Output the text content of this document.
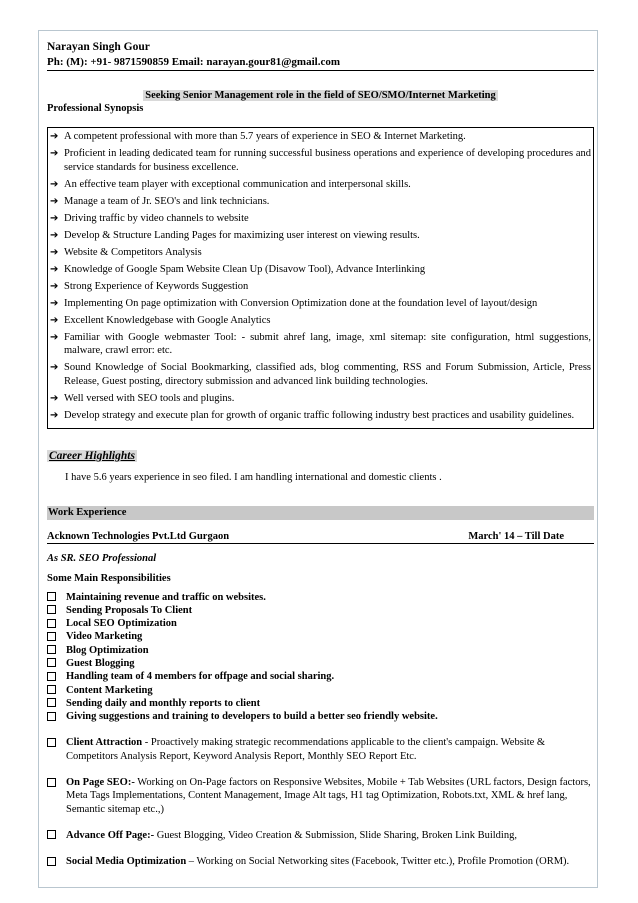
Narayan Singh Gour
Ph: (M): +91- 9871590859 Email: narayan.gour81@gmail.com
Seeking Senior Management role in the field of SEO/SMO/Internet Marketing
Professional Synopsis
➔ A competent professional with more than 5.7 years of experience in SEO & Internet Marketing.
➔ Proficient in leading dedicated team for running successful business operations and experience of developing procedures and service standards for business excellence.
➔ An effective team player with exceptional communication and interpersonal skills.
➔ Manage a team of Jr. SEO's and link technicians.
➔ Driving traffic by video channels to website
➔ Develop & Structure Landing Pages for maximizing user interest on viewing results.
➔ Website & Competitors Analysis
➔ Knowledge of Google Spam Website Clean Up (Disavow Tool), Advance Interlinking
➔ Strong Experience of Keywords Suggestion
➔ Implementing On page optimization with Conversion Optimization done at the foundation level of layout/design
➔ Excellent Knowledgebase with Google Analytics
➔ Familiar with Google webmaster Tool: - submit ahref lang, image, xml sitemap: site configuration, html suggestions, malware, crawl error: etc.
➔ Sound Knowledge of Social Bookmarking, classified ads, blog commenting, RSS and Forum Submission, Article, Press Release, Guest posting, directory submission and advanced link building technologies.
➔ Well versed with SEO tools and plugins.
➔ Develop strategy and execute plan for growth of organic traffic following industry best practices and usability guidelines.
Career Highlights
I have 5.6 years experience in seo filed. I am handling international and domestic clients .
Work Experience
Acknown Technologies Pvt.Ltd Gurgaon	March' 14 – Till Date
As SR. SEO Professional
Some Main Responsibilities
Maintaining revenue and traffic on websites.
Sending Proposals To Client
Local SEO Optimization
Video Marketing
Blog Optimization
Guest Blogging
Handling team of 4 members for offpage and social sharing.
Content Marketing
Sending daily and monthly reports to client
Giving suggestions and training to developers to build a better seo friendly website.
Client Attraction - Proactively making strategic recommendations applicable to the client's campaign. Website & Competitors Analysis Report, Keyword Analysis Report, Monthly SEO Report Etc.
On Page SEO:- Working on On-Page factors on Responsive Websites, Mobile + Tab Websites (URL factors, Design factors, Meta Tags Implementations, Content Management, Image Alt tags, H1 tag Optimization, Robots.txt, XML & href lang, Semantic sitemap etc.,)
Advance Off Page:- Guest Blogging, Video Creation & Submission, Slide Sharing, Broken Link Building,
Social Media Optimization – Working on Social Networking sites (Facebook, Twitter etc.), Profile Promotion (ORM).
